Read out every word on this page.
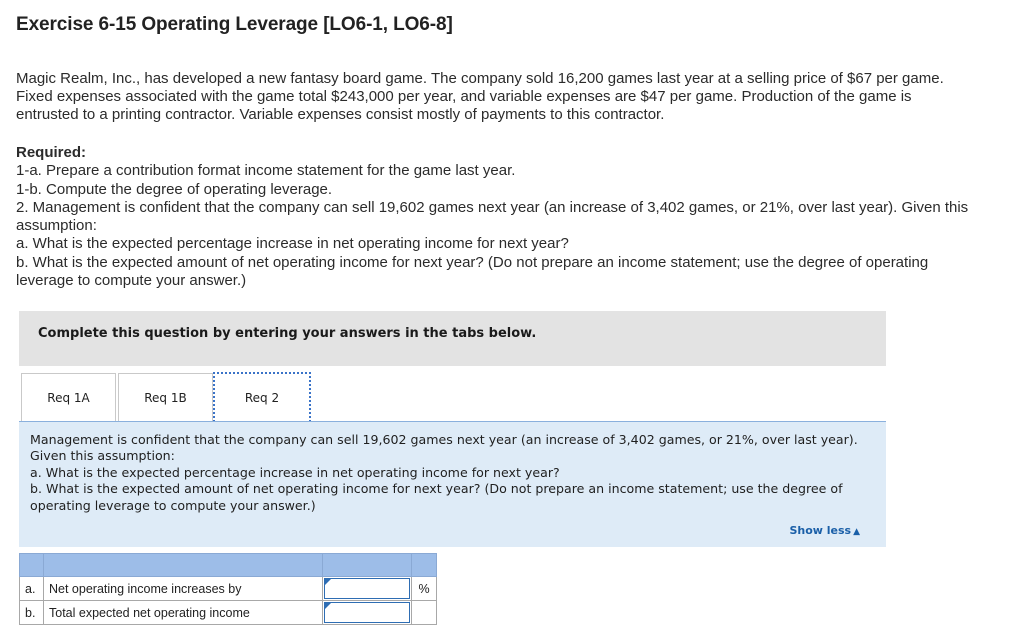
Exercise 6-15 Operating Leverage [LO6-1, LO6-8]
Magic Realm, Inc., has developed a new fantasy board game. The company sold 16,200 games last year at a selling price of $67 per game. Fixed expenses associated with the game total $243,000 per year, and variable expenses are $47 per game. Production of the game is entrusted to a printing contractor. Variable expenses consist mostly of payments to this contractor.
Required:
1-a. Prepare a contribution format income statement for the game last year.
1-b. Compute the degree of operating leverage.
2. Management is confident that the company can sell 19,602 games next year (an increase of 3,402 games, or 21%, over last year). Given this assumption:
a. What is the expected percentage increase in net operating income for next year?
b. What is the expected amount of net operating income for next year? (Do not prepare an income statement; use the degree of operating leverage to compute your answer.)
Complete this question by entering your answers in the tabs below.
Req 1A	Req 1B	Req 2
Management is confident that the company can sell 19,602 games next year (an increase of 3,402 games, or 21%, over last year). Given this assumption:
a. What is the expected percentage increase in net operating income for next year?
b. What is the expected amount of net operating income for next year? (Do not prepare an income statement; use the degree of operating leverage to compute your answer.)
Show less ▲

a.	Net operating income increases by		%
b.	Total expected net operating income	
